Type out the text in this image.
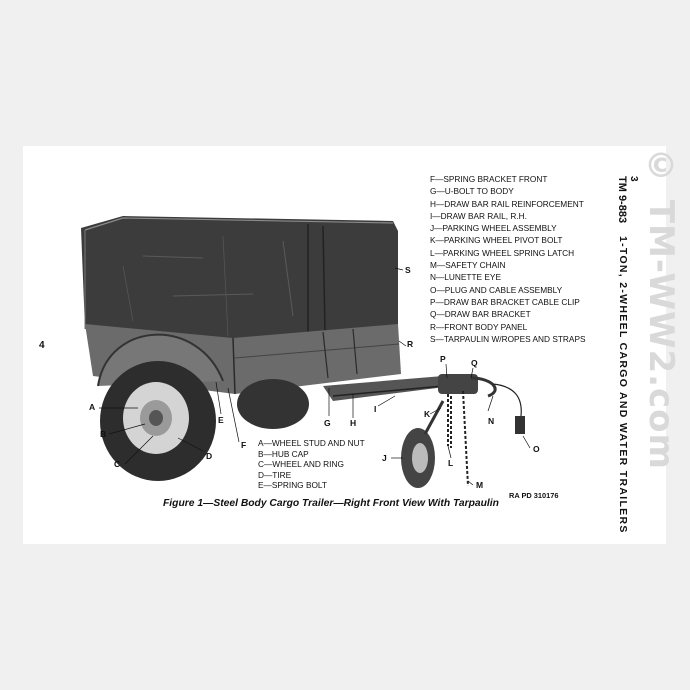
© TM-WW2.com
A
B
C
D
E
F
G H
I
J
K
L
M
N
O
P	Q
R
S
F—SPRING BRACKET FRONT
G—U-BOLT TO BODY
H—DRAW BAR RAIL REINFORCEMENT
I—DRAW BAR RAIL, R.H.
J—PARKING WHEEL ASSEMBLY
K—PARKING WHEEL PIVOT BOLT
L—PARKING WHEEL SPRING LATCH
M—SAFETY CHAIN
N—LUNETTE EYE
O—PLUG AND CABLE ASSEMBLY
P—DRAW BAR BRACKET CABLE CLIP
Q—DRAW BAR BRACKET
R—FRONT BODY PANEL
S—TARPAULIN W/ROPES AND STRAPS
A—WHEEL STUD AND NUT
B—HUB CAP
C—WHEEL AND RING
D—TIRE
E—SPRING BOLT
TM 9-883 3
1-TON, 2-WHEEL CARGO AND WATER TRAILERS
4
RA PD 310176
Figure 1—Steel Body Cargo Trailer—Right Front View With Tarpaulin
